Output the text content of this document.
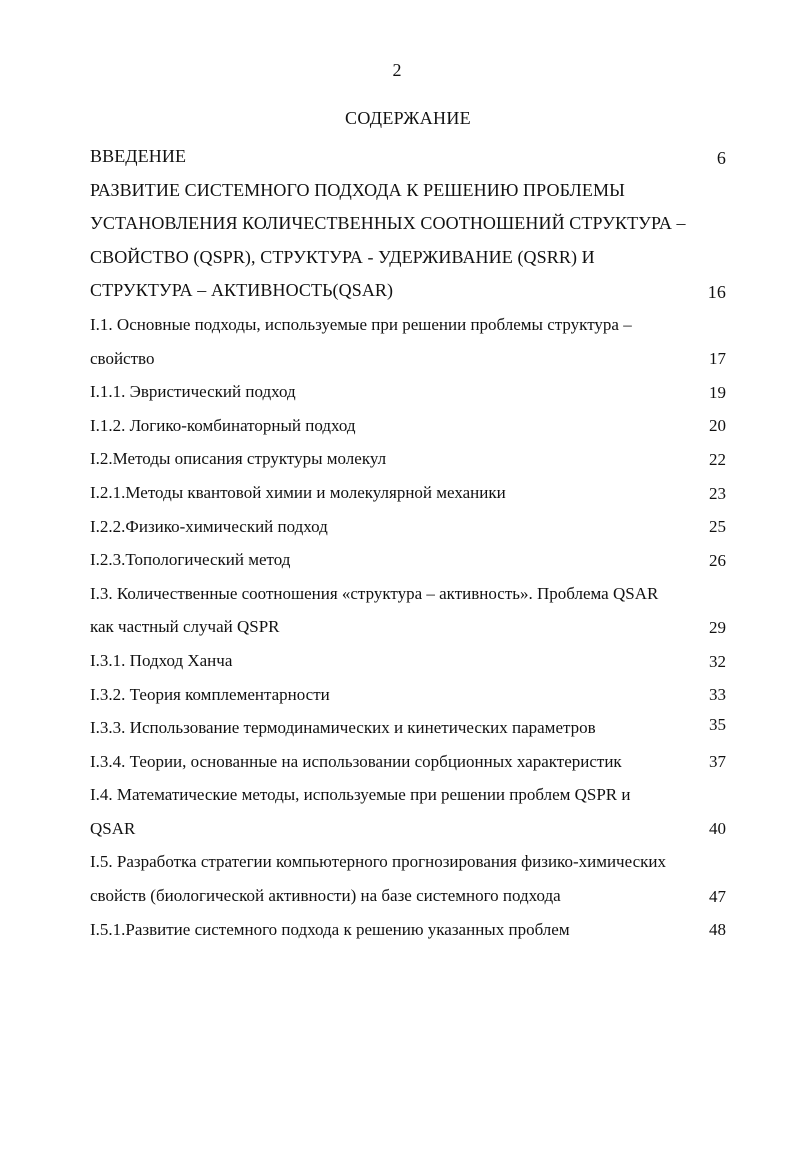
2
СОДЕРЖАНИЕ
ВВЕДЕНИЕ	6
РАЗВИТИЕ СИСТЕМНОГО ПОДХОДА К РЕШЕНИЮ ПРОБЛЕМЫ УСТАНОВЛЕНИЯ КОЛИЧЕСТВЕННЫХ СООТНОШЕНИЙ СТРУКТУРА – СВОЙСТВО (QSPR), СТРУКТУРА - УДЕРЖИВАНИЕ (QSRR) И СТРУКТУРА – АКТИВНОСТЬ(QSAR)	16
I.1. Основные подходы, используемые при решении проблемы структура – свойство	17
I.1.1. Эвристический подход	19
I.1.2. Логико-комбинаторный подход	20
I.2.Методы описания структуры молекул	22
I.2.1.Методы квантовой химии и молекулярной механики	23
I.2.2.Физико-химический подход	25
I.2.3.Топологический метод	26
I.3. Количественные соотношения «структура – активность». Проблема QSAR как частный случай QSPR	29
I.3.1. Подход Ханча	32
I.3.2. Теория комплементарности	33
I.3.3. Использование термодинамических и кинетических параметров	35
I.3.4. Теории, основанные на использовании сорбционных характеристик	37
I.4. Математические методы, используемые при решении проблем QSPR и QSAR	40
I.5. Разработка стратегии компьютерного прогнозирования физико-химических свойств (биологической активности) на базе системного подхода	47
I.5.1.Развитие системного подхода к решению указанных проблем	48
